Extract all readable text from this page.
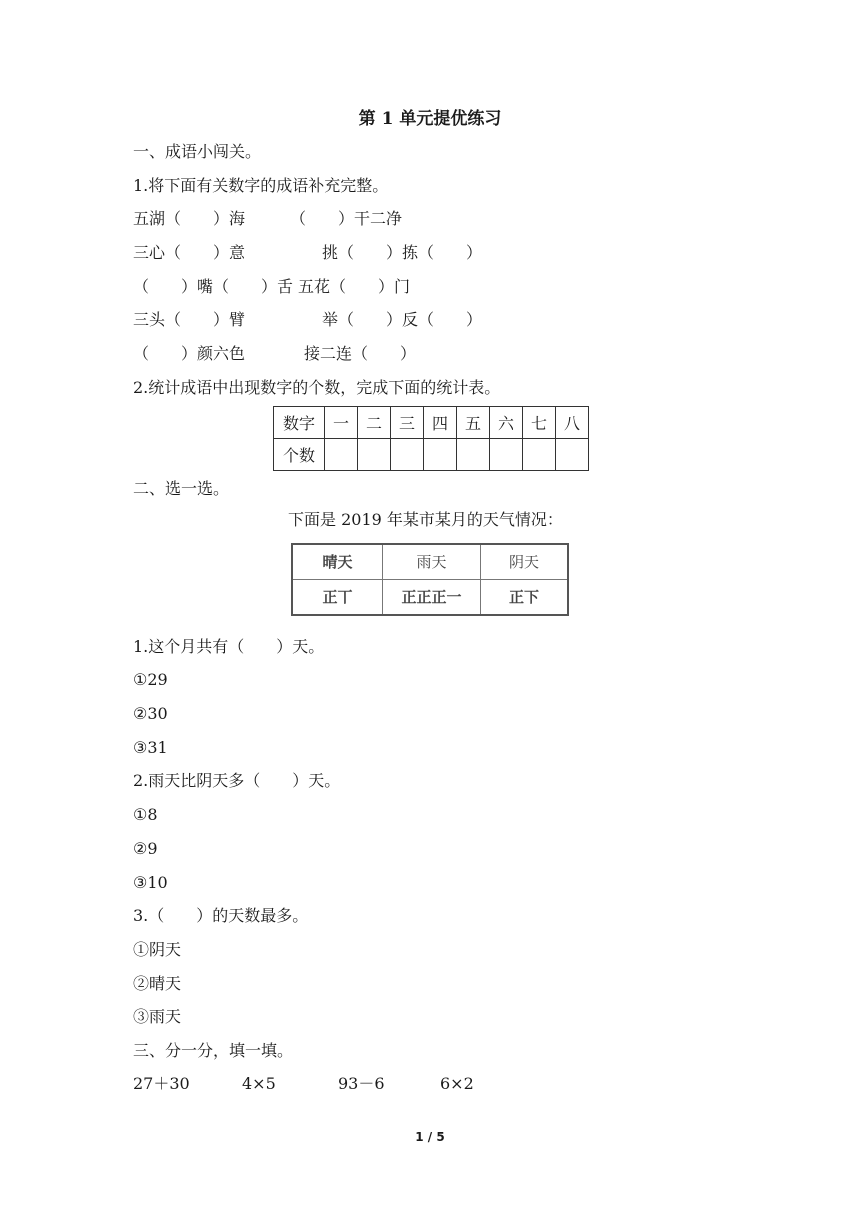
第 1 单元提优练习
一、成语小闯关。
1.将下面有关数字的成语补充完整。
五湖（　　）海	（　　）干二净
三心（　　）意	挑（　　）拣（　　）
（　　）嘴（　　）舌 五花（　　）门
三头（　　）臂	举（　　）反（　　）
（　　）颜六色	接二连（　　）
2.统计成语中出现数字的个数，完成下面的统计表。
数字	一	二	三	四	五	六	七	八
个数								
二、选一选。
下面是 2019 年某市某月的天气情况：
晴天	雨天	阴天
正丅	正正正一	正下
1.这个月共有（　　）天。
①29
②30
③31
2.雨天比阴天多（　　）天。
①8
②9
③10
3.（　　）的天数最多。
①阴天
②晴天
③雨天
三、分一分，填一填。
27＋30	4×5	93－6	6×2
1 / 5
